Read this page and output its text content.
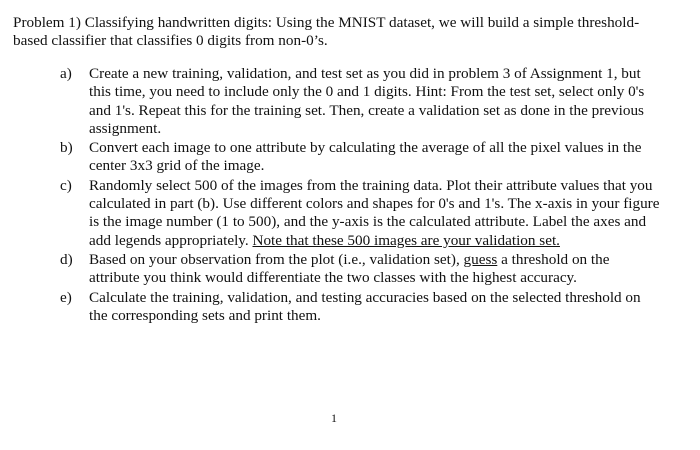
Problem 1) Classifying handwritten digits: Using the MNIST dataset, we will build a simple threshold-based classifier that classifies 0 digits from non-0’s.

a) Create a new training, validation, and test set as you did in problem 3 of Assignment 1, but this time, you need to include only the 0 and 1 digits. Hint: From the test set, select only 0's and 1's. Repeat this for the training set. Then, create a validation set as done in the previous assignment.
b) Convert each image to one attribute by calculating the average of all the pixel values in the center 3x3 grid of the image.
c) Randomly select 500 of the images from the training data. Plot their attribute values that you calculated in part (b). Use different colors and shapes for 0's and 1's. The x-axis in your figure is the image number (1 to 500), and the y-axis is the calculated attribute. Label the axes and add legends appropriately. Note that these 500 images are your validation set.
d) Based on your observation from the plot (i.e., validation set), guess a threshold on the attribute you think would differentiate the two classes with the highest accuracy.
e) Calculate the training, validation, and testing accuracies based on the selected threshold on the corresponding sets and print them.
1
